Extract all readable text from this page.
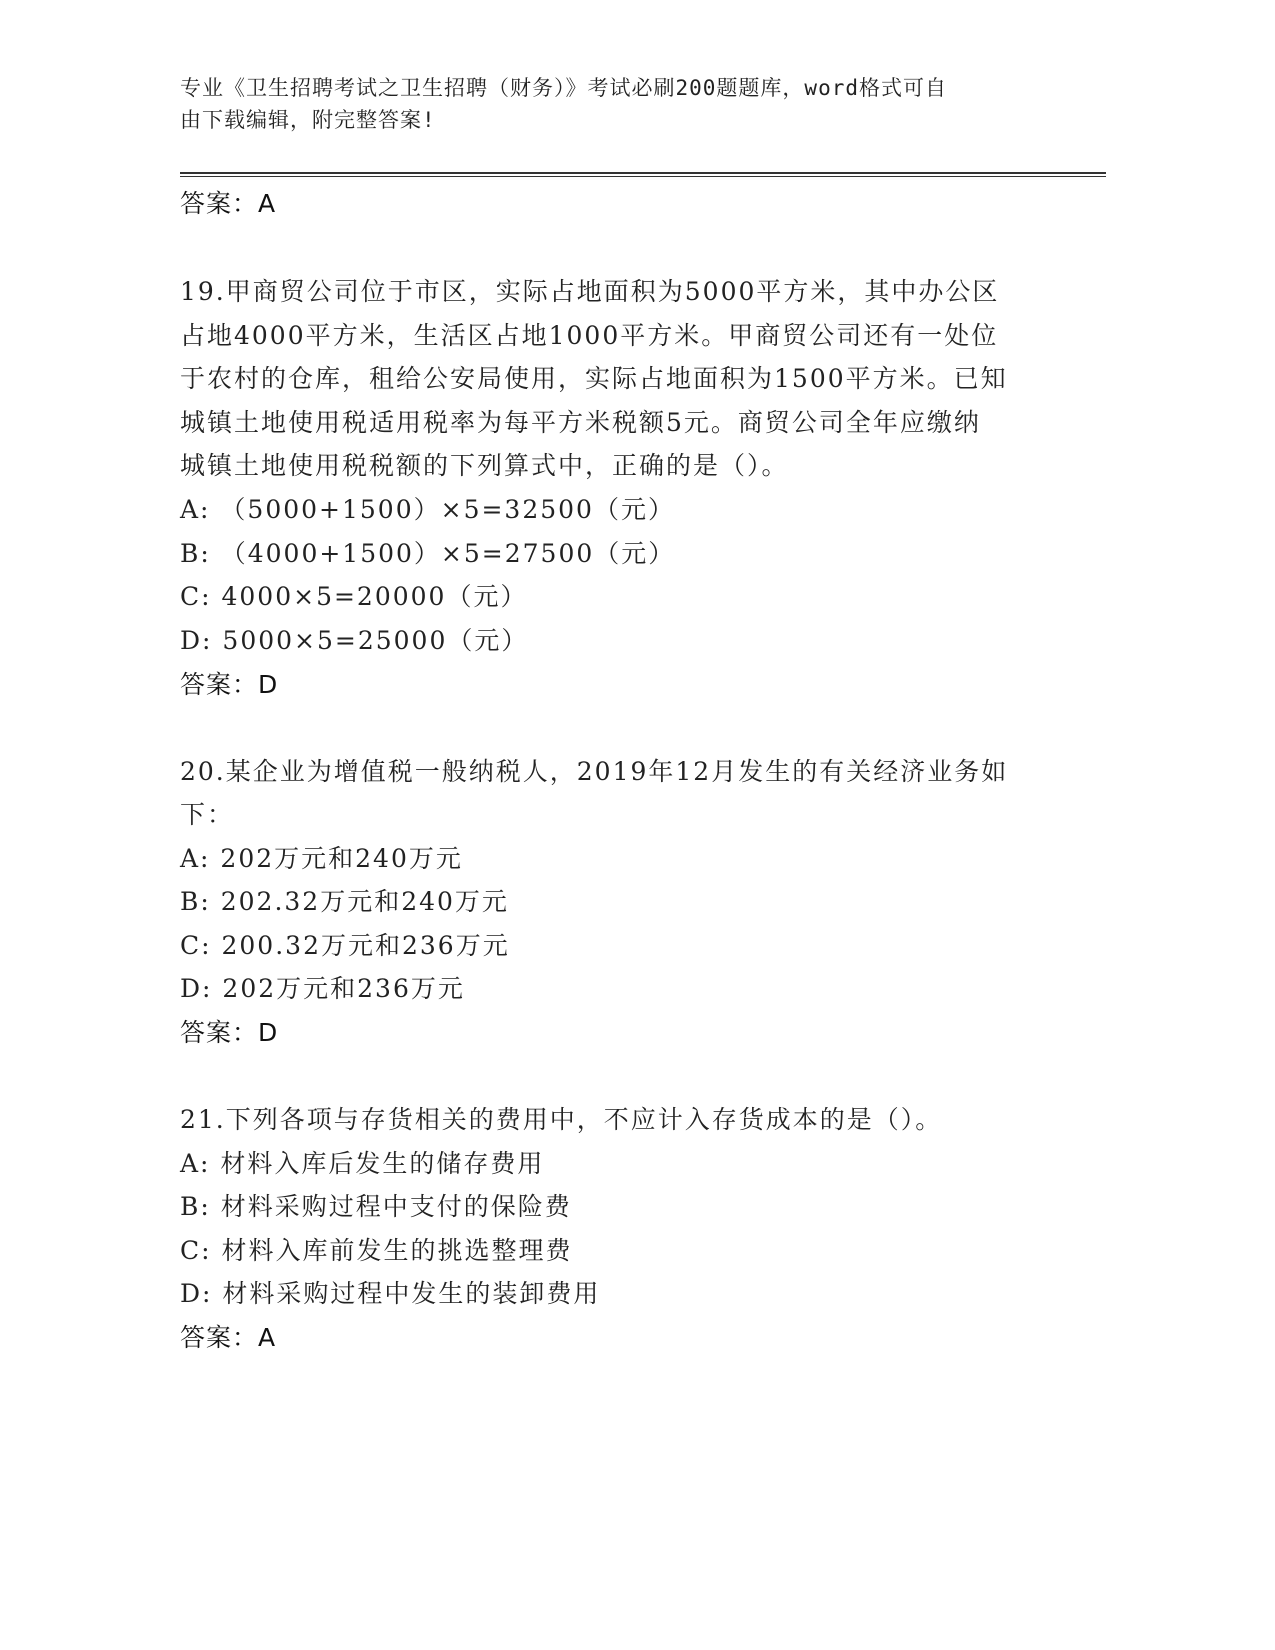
专业《卫生招聘考试之卫生招聘（财务）》考试必刷200题题库，word格式可自
由下载编辑，附完整答案!
答案：A
19.甲商贸公司位于市区，实际占地面积为5000平方米，其中办公区
占地4000平方米，生活区占地1000平方米。甲商贸公司还有一处位
于农村的仓库，租给公安局使用，实际占地面积为1500平方米。已知
城镇土地使用税适用税率为每平方米税额5元。商贸公司全年应缴纳
城镇土地使用税税额的下列算式中，正确的是（）。
A: （5000+1500）×5=32500（元）
B: （4000+1500）×5=27500（元）
C: 4000×5=20000（元）
D: 5000×5=25000（元）
答案：D
20.某企业为增值税一般纳税人，2019年12月发生的有关经济业务如
下：
A: 202万元和240万元
B: 202.32万元和240万元
C: 200.32万元和236万元
D: 202万元和236万元
答案：D
21.下列各项与存货相关的费用中，不应计入存货成本的是（）。
A: 材料入库后发生的储存费用
B: 材料采购过程中支付的保险费
C: 材料入库前发生的挑选整理费
D: 材料采购过程中发生的装卸费用
答案：A
